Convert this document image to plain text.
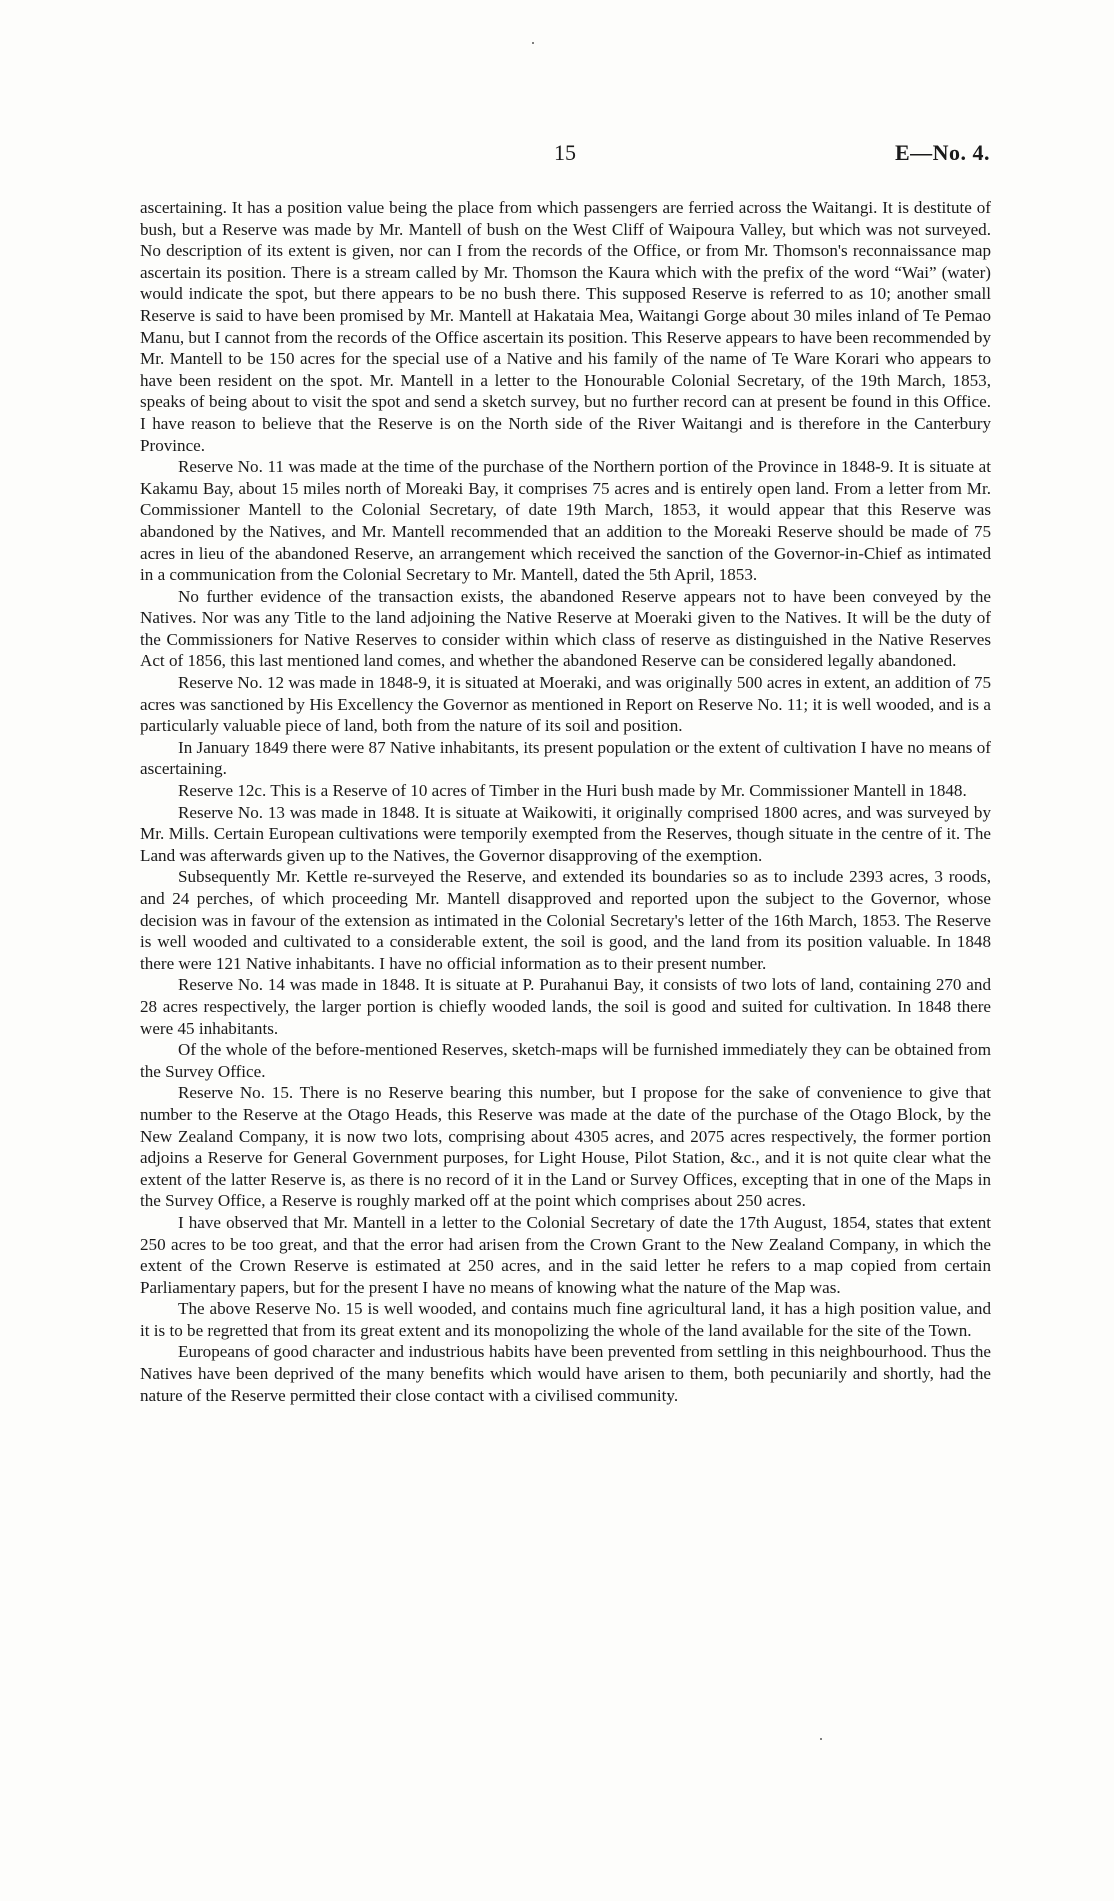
15	E—No. 4.

ascertaining. It has a position value being the place from which passengers are ferried across the Waitangi. It is destitute of bush, but a Reserve was made by Mr. Mantell of bush on the West Cliff of Waipoura Valley, but which was not surveyed. No description of its extent is given, nor can I from the records of the Office, or from Mr. Thomson's reconnaissance map ascertain its position. There is a stream called by Mr. Thomson the Kaura which with the prefix of the word “Wai” (water) would indicate the spot, but there appears to be no bush there. This supposed Reserve is referred to as 10; another small Reserve is said to have been promised by Mr. Mantell at Hakataia Mea, Waitangi Gorge about 30 miles inland of Te Pemao Manu, but I cannot from the records of the Office ascertain its position. This Reserve appears to have been recommended by Mr. Mantell to be 150 acres for the special use of a Native and his family of the name of Te Ware Korari who appears to have been resident on the spot. Mr. Mantell in a letter to the Honourable Colonial Secretary, of the 19th March, 1853, speaks of being about to visit the spot and send a sketch survey, but no further record can at present be found in this Office. I have reason to believe that the Reserve is on the North side of the River Waitangi and is therefore in the Canterbury Province.

Reserve No. 11 was made at the time of the purchase of the Northern portion of the Province in 1848-9. It is situate at Kakamu Bay, about 15 miles north of Moreaki Bay, it comprises 75 acres and is entirely open land. From a letter from Mr. Commissioner Mantell to the Colonial Secretary, of date 19th March, 1853, it would appear that this Reserve was abandoned by the Natives, and Mr. Mantell recommended that an addition to the Moreaki Reserve should be made of 75 acres in lieu of the abandoned Reserve, an arrangement which received the sanction of the Governor-in-Chief as intimated in a communication from the Colonial Secretary to Mr. Mantell, dated the 5th April, 1853.

No further evidence of the transaction exists, the abandoned Reserve appears not to have been conveyed by the Natives. Nor was any Title to the land adjoining the Native Reserve at Moeraki given to the Natives. It will be the duty of the Commissioners for Native Reserves to consider within which class of reserve as distinguished in the Native Reserves Act of 1856, this last mentioned land comes, and whether the abandoned Reserve can be considered legally abandoned.

Reserve No. 12 was made in 1848-9, it is situated at Moeraki, and was originally 500 acres in extent, an addition of 75 acres was sanctioned by His Excellency the Governor as mentioned in Report on Reserve No. 11; it is well wooded, and is a particularly valuable piece of land, both from the nature of its soil and position.

In January 1849 there were 87 Native inhabitants, its present population or the extent of cultivation I have no means of ascertaining.

Reserve 12c. This is a Reserve of 10 acres of Timber in the Huri bush made by Mr. Commissioner Mantell in 1848.

Reserve No. 13 was made in 1848. It is situate at Waikowiti, it originally comprised 1800 acres, and was surveyed by Mr. Mills. Certain European cultivations were temporily exempted from the Reserves, though situate in the centre of it. The Land was afterwards given up to the Natives, the Governor disapproving of the exemption.

Subsequently Mr. Kettle re-surveyed the Reserve, and extended its boundaries so as to include 2393 acres, 3 roods, and 24 perches, of which proceeding Mr. Mantell disapproved and reported upon the subject to the Governor, whose decision was in favour of the extension as intimated in the Colonial Secretary's letter of the 16th March, 1853. The Reserve is well wooded and cultivated to a considerable extent, the soil is good, and the land from its position valuable. In 1848 there were 121 Native inhabitants. I have no official information as to their present number.

Reserve No. 14 was made in 1848. It is situate at P. Purahanui Bay, it consists of two lots of land, containing 270 and 28 acres respectively, the larger portion is chiefly wooded lands, the soil is good and suited for cultivation. In 1848 there were 45 inhabitants.

Of the whole of the before-mentioned Reserves, sketch-maps will be furnished immediately they can be obtained from the Survey Office.

Reserve No. 15. There is no Reserve bearing this number, but I propose for the sake of convenience to give that number to the Reserve at the Otago Heads, this Reserve was made at the date of the purchase of the Otago Block, by the New Zealand Company, it is now two lots, comprising about 4305 acres, and 2075 acres respectively, the former portion adjoins a Reserve for General Government purposes, for Light House, Pilot Station, &c., and it is not quite clear what the extent of the latter Reserve is, as there is no record of it in the Land or Survey Offices, excepting that in one of the Maps in the Survey Office, a Reserve is roughly marked off at the point which comprises about 250 acres.

I have observed that Mr. Mantell in a letter to the Colonial Secretary of date the 17th August, 1854, states that extent 250 acres to be too great, and that the error had arisen from the Crown Grant to the New Zealand Company, in which the extent of the Crown Reserve is estimated at 250 acres, and in the said letter he refers to a map copied from certain Parliamentary papers, but for the present I have no means of knowing what the nature of the Map was.

The above Reserve No. 15 is well wooded, and contains much fine agricultural land, it has a high position value, and it is to be regretted that from its great extent and its monopolizing the whole of the land available for the site of the Town.

Europeans of good character and industrious habits have been prevented from settling in this neighbourhood. Thus the Natives have been deprived of the many benefits which would have arisen to them, both pecuniarily and shortly, had the nature of the Reserve permitted their close contact with a civilised community.
